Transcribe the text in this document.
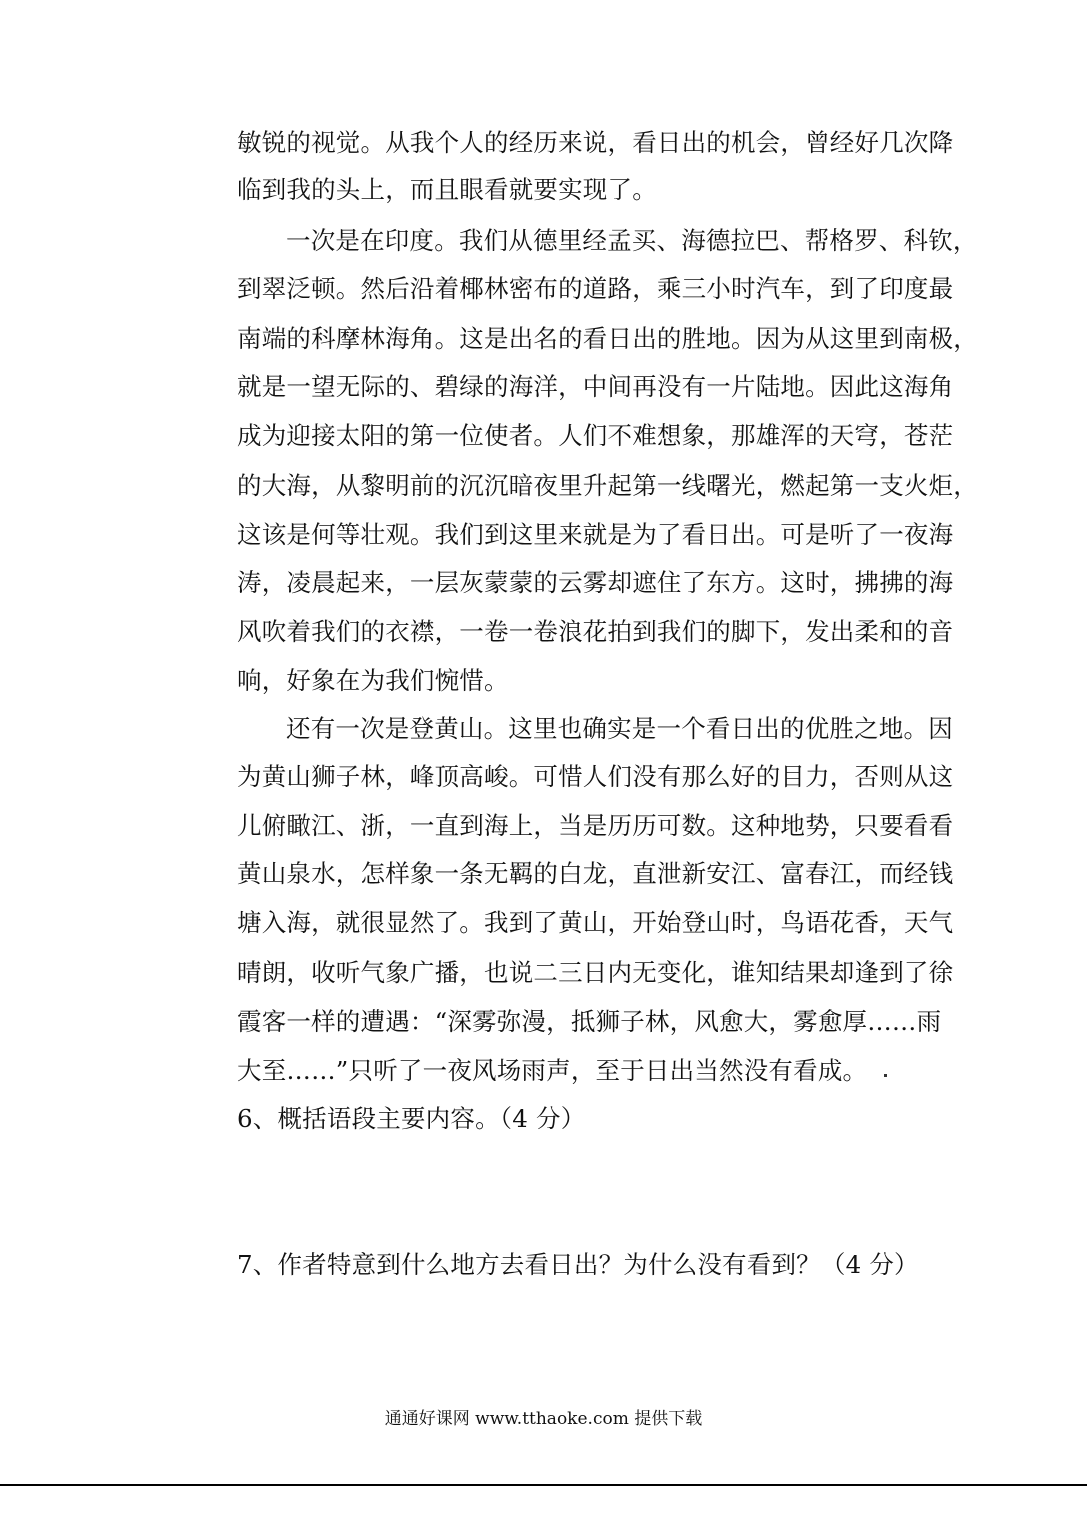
敏锐的视觉。从我个人的经历来说，看日出的机会，曾经好几次降
临到我的头上，而且眼看就要实现了。
一次是在印度。我们从德里经孟买、海德拉巴、帮格罗、科钦，
到翠泛顿。然后沿着椰林密布的道路，乘三小时汽车，到了印度最
南端的科摩林海角。这是出名的看日出的胜地。因为从这里到南极，
就是一望无际的、碧绿的海洋，中间再没有一片陆地。因此这海角
成为迎接太阳的第一位使者。人们不难想象，那雄浑的天穹，苍茫
的大海，从黎明前的沉沉暗夜里升起第一线曙光，燃起第一支火炬，
这该是何等壮观。我们到这里来就是为了看日出。可是听了一夜海
涛，凌晨起来，一层灰蒙蒙的云雾却遮住了东方。这时，拂拂的海
风吹着我们的衣襟，一卷一卷浪花拍到我们的脚下，发出柔和的音
响，好象在为我们惋惜。
还有一次是登黄山。这里也确实是一个看日出的优胜之地。因
为黄山狮子林，峰顶高峻。可惜人们没有那么好的目力，否则从这
儿俯瞰江、浙，一直到海上，当是历历可数。这种地势，只要看看
黄山泉水，怎样象一条无羁的白龙，直泄新安江、富春江，而经钱
塘入海，就很显然了。我到了黄山，开始登山时，鸟语花香，天气
晴朗，收听气象广播，也说二三日内无变化，谁知结果却逢到了徐
霞客一样的遭遇：“深雾弥漫，抵狮子林，风愈大，雾愈厚……雨
大至……”只听了一夜风场雨声，至于日出当然没有看成。
6、概括语段主要内容。（4 分）
7、作者特意到什么地方去看日出？为什么没有看到？（4 分）
通通好课网 www.tthaoke.com 提供下载
